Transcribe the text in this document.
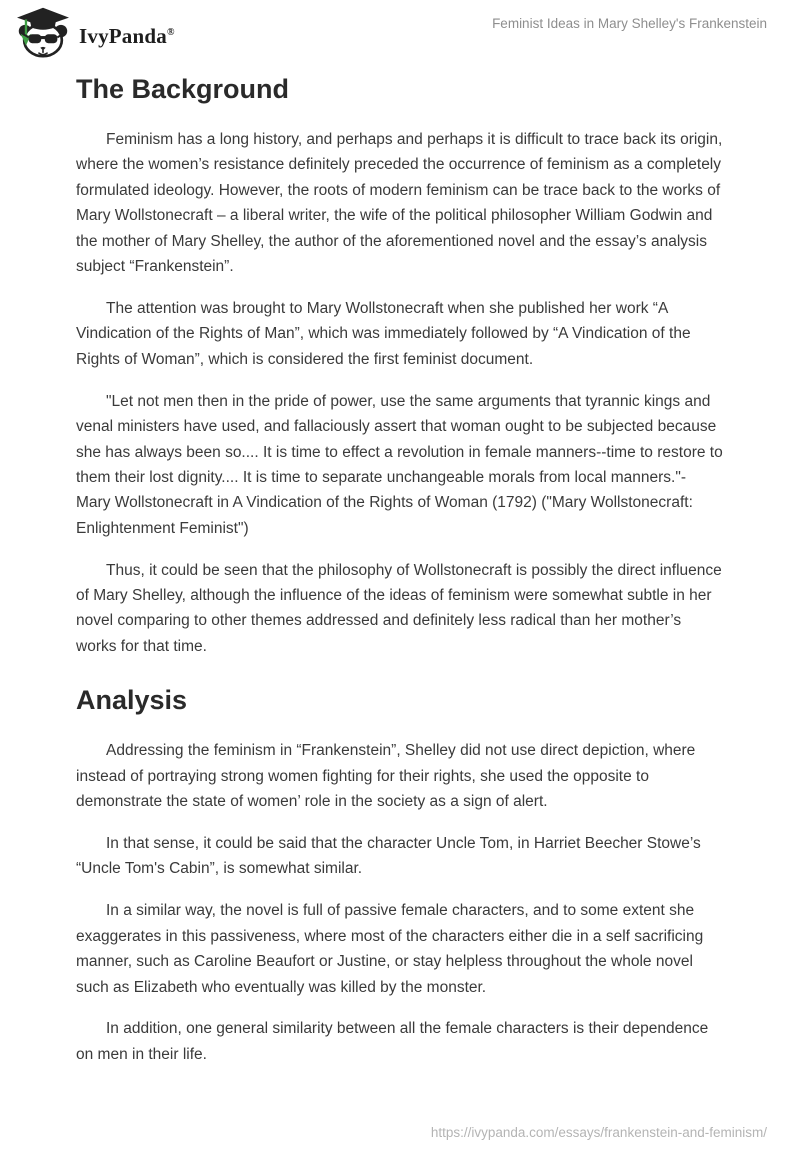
IvyPanda®
Feminist Ideas in Mary Shelley's Frankenstein
The Background

Feminism has a long history, and perhaps and perhaps it is difficult to trace back its origin, where the women’s resistance definitely preceded the occurrence of feminism as a completely formulated ideology. However, the roots of modern feminism can be trace back to the works of Mary Wollstonecraft – a liberal writer, the wife of the political philosopher William Godwin and the mother of Mary Shelley, the author of the aforementioned novel and the essay’s analysis subject “Frankenstein”.

The attention was brought to Mary Wollstonecraft when she published her work “A Vindication of the Rights of Man”, which was immediately followed by “A Vindication of the Rights of Woman”, which is considered the first feminist document.

"Let not men then in the pride of power, use the same arguments that tyrannic kings and venal ministers have used, and fallaciously assert that woman ought to be subjected because she has always been so.... It is time to effect a revolution in female manners--time to restore to them their lost dignity.... It is time to separate unchangeable morals from local manners."- Mary Wollstonecraft in A Vindication of the Rights of Woman (1792) ("Mary Wollstonecraft: Enlightenment Feminist")

Thus, it could be seen that the philosophy of Wollstonecraft is possibly the direct influence of Mary Shelley, although the influence of the ideas of feminism were somewhat subtle in her novel comparing to other themes addressed and definitely less radical than her mother’s works for that time.

Analysis

Addressing the feminism in “Frankenstein”, Shelley did not use direct depiction, where instead of portraying strong women fighting for their rights, she used the opposite to demonstrate the state of women’ role in the society as a sign of alert.

In that sense, it could be said that the character Uncle Tom, in Harriet Beecher Stowe’s “Uncle Tom's Cabin”, is somewhat similar.

In a similar way, the novel is full of passive female characters, and to some extent she exaggerates in this passiveness, where most of the characters either die in a self sacrificing manner, such as Caroline Beaufort or Justine, or stay helpless throughout the whole novel such as Elizabeth who eventually was killed by the monster.

In addition, one general similarity between all the female characters is their dependence on men in their life.

https://ivypanda.com/essays/frankenstein-and-feminism/
